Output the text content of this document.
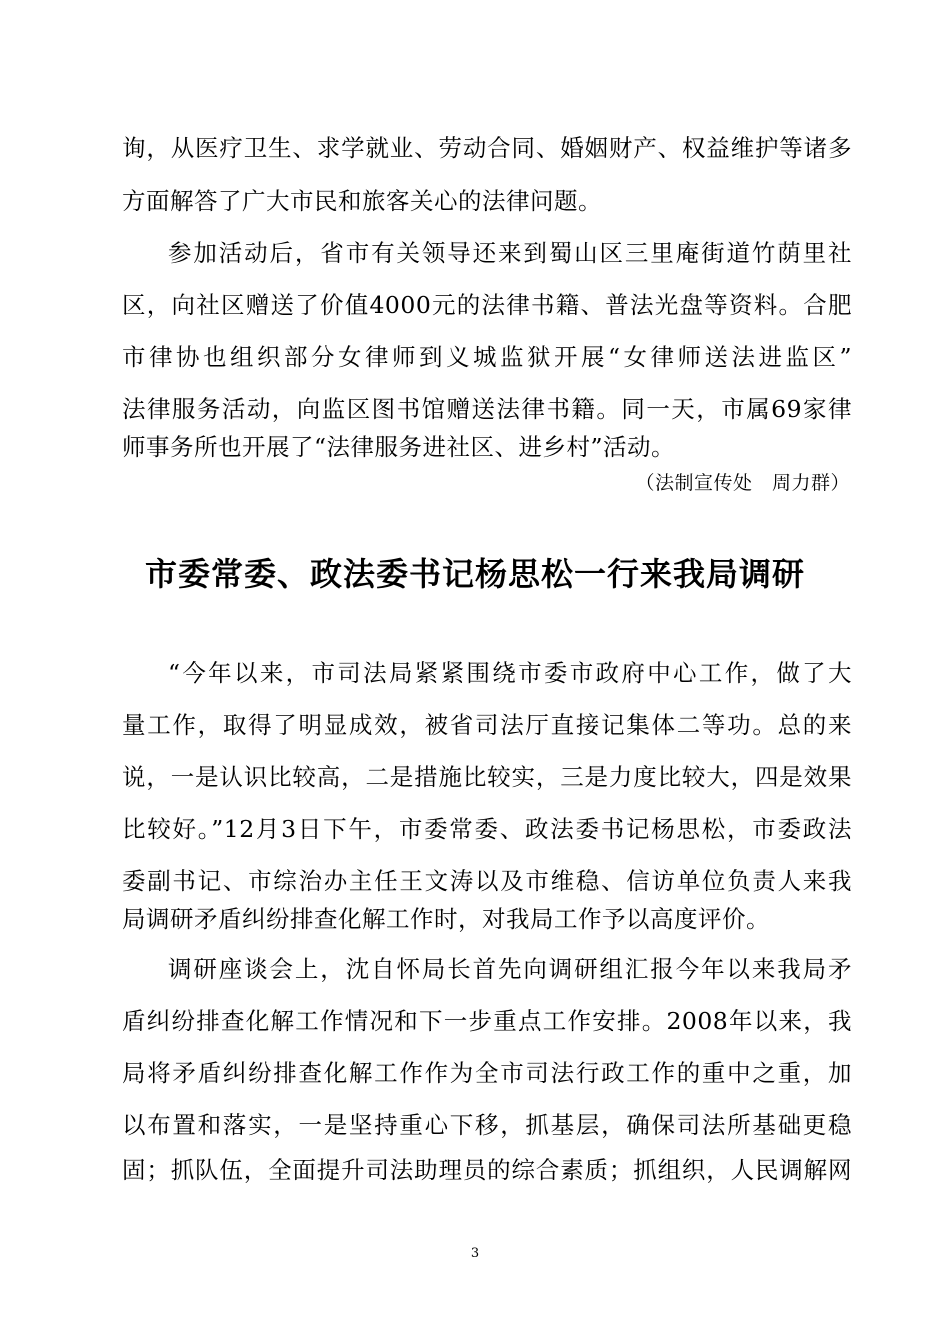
询，从医疗卫生、求学就业、劳动合同、婚姻财产、权益维护等诸多
方面解答了广大市民和旅客关心的法律问题。
参加活动后，省市有关领导还来到蜀山区三里庵街道竹荫里社
区，向社区赠送了价值4000元的法律书籍、普法光盘等资料。合肥
市律协也组织部分女律师到义城监狱开展“女律师送法进监区”
法律服务活动，向监区图书馆赠送法律书籍。同一天，市属69家律
师事务所也开展了“法律服务进社区、进乡村”活动。
（法制宣传处　周力群）
市委常委、政法委书记杨思松一行来我局调研
“今年以来，市司法局紧紧围绕市委市政府中心工作，做了大
量工作，取得了明显成效，被省司法厅直接记集体二等功。总的来
说，一是认识比较高，二是措施比较实，三是力度比较大，四是效果
比较好。”12月3日下午，市委常委、政法委书记杨思松，市委政法
委副书记、市综治办主任王文涛以及市维稳、信访单位负责人来我
局调研矛盾纠纷排查化解工作时，对我局工作予以高度评价。
调研座谈会上，沈自怀局长首先向调研组汇报今年以来我局矛
盾纠纷排查化解工作情况和下一步重点工作安排。2008年以来，我
局将矛盾纠纷排查化解工作作为全市司法行政工作的重中之重，加
以布置和落实，一是坚持重心下移，抓基层，确保司法所基础更稳
固；抓队伍，全面提升司法助理员的综合素质；抓组织，人民调解网
3
